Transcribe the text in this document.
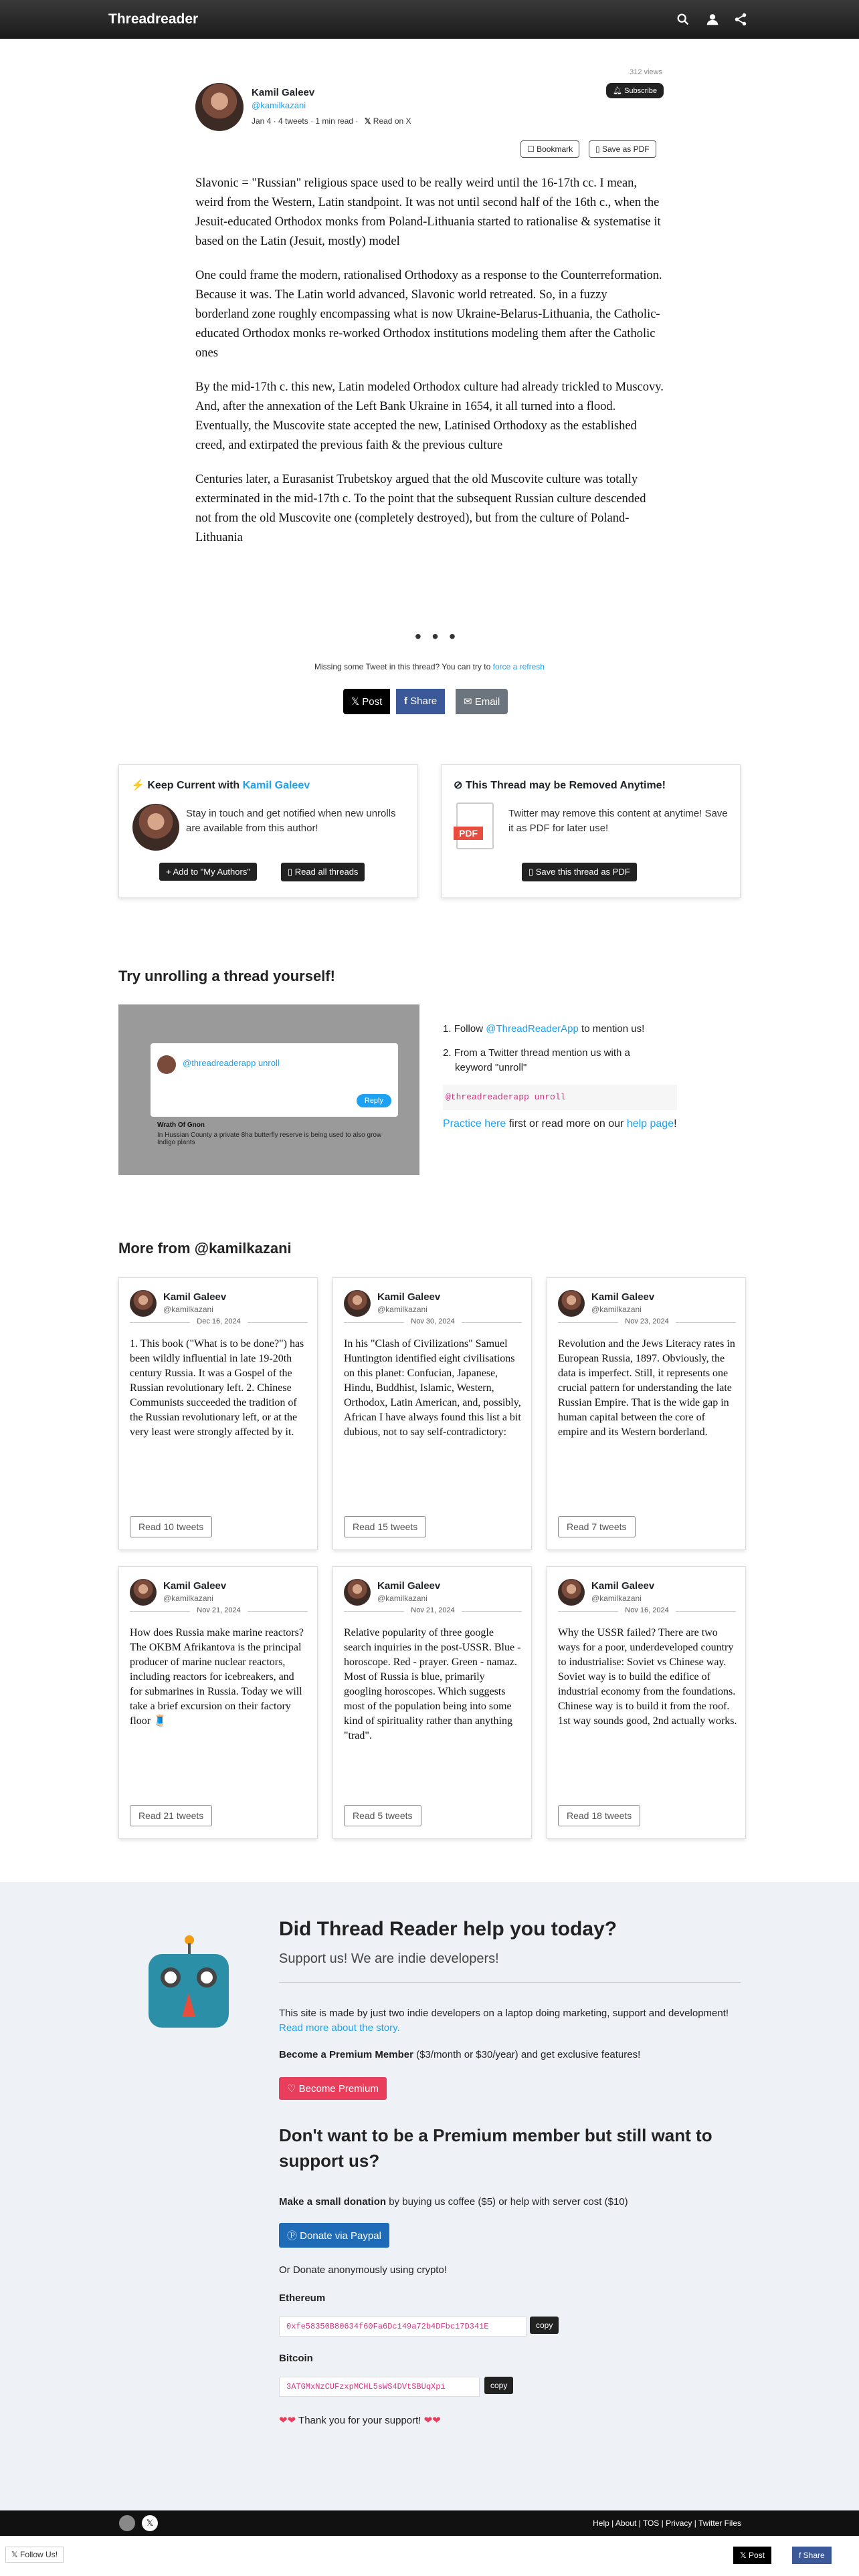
Threadreader
Kamil Galeev
@kamilkazani
Jan 4 · 4 tweets · 1 min read · 𝕏 Read on X
312 views
🔔︎ Subscribe
☐ Bookmark	▯ Save as PDF

Slavonic = "Russian" religious space used to be really weird until the 16-17th cc. I mean, weird from the Western, Latin standpoint. It was not until second half of the 16th c., when the Jesuit-educated Orthodox monks from Poland-Lithuania started to rationalise & systematise it based on the Latin (Jesuit, mostly) model

One could frame the modern, rationalised Orthodoxy as a response to the Counterreformation. Because it was. The Latin world advanced, Slavonic world retreated. So, in a fuzzy borderland zone roughly encompassing what is now Ukraine-Belarus-Lithuania, the Catholic-educated Orthodox monks re-worked Orthodox institutions modeling them after the Catholic ones

By the mid-17th c. this new, Latin modeled Orthodox culture had already trickled to Muscovy. And, after the annexation of the Left Bank Ukraine in 1654, it all turned into a flood. Eventually, the Muscovite state accepted the new, Latinised Orthodoxy as the established creed, and extirpated the previous faith & the previous culture

Centuries later, a Eurasanist Trubetskoy argued that the old Muscovite culture was totally exterminated in the mid-17th c. To the point that the subsequent Russian culture descended not from the old Muscovite one (completely destroyed), but from the culture of Poland-Lithuania

• • •
Missing some Tweet in this thread? You can try to force a refresh
𝕏 Post	f Share	✉ Email
⚡ Keep Current with Kamil Galeev
Stay in touch and get notified when new unrolls are available from this author!
+ Add to "My Authors"	▯ Read all threads
⊘ This Thread may be Removed Anytime!
PDF
Twitter may remove this content at anytime! Save it as PDF for later use!
▯ Save this thread as PDF
Try unrolling a thread yourself!
@threadreaderapp unroll
Reply
Wrath Of Gnon
In Hussian County a private 8ha butterfly reserve is being used to also grow Indigo plants
1. Follow @ThreadReaderApp to mention us!
2. From a Twitter thread mention us with a keyword "unroll"
@threadreaderapp unroll
Practice here first or read more on our help page!
More from @kamilkazani
Kamil Galeev
@kamilkazani
Dec 16, 2024
1. This book ("What is to be done?") has been wildly influential in late 19-20th century Russia. It was a Gospel of the Russian revolutionary left. 2. Chinese Communists succeeded the tradition of the Russian revolutionary left, or at the very least were strongly affected by it.
Read 10 tweets
Kamil Galeev
@kamilkazani
Nov 30, 2024
In his "Clash of Civilizations" Samuel Huntington identified eight civilisations on this planet: Confucian, Japanese, Hindu, Buddhist, Islamic, Western, Orthodox, Latin American, and, possibly, African I have always found this list a bit dubious, not to say self-contradictory:
Read 15 tweets
Kamil Galeev
@kamilkazani
Nov 23, 2024
Revolution and the Jews Literacy rates in European Russia, 1897. Obviously, the data is imperfect. Still, it represents one crucial pattern for understanding the late Russian Empire. That is the wide gap in human capital between the core of empire and its Western borderland.
Read 7 tweets
Kamil Galeev
@kamilkazani
Nov 21, 2024
How does Russia make marine reactors? The OKBM Afrikantova is the principal producer of marine nuclear reactors, including reactors for icebreakers, and for submarines in Russia. Today we will take a brief excursion on their factory floor 🧵
Read 21 tweets
Kamil Galeev
@kamilkazani
Nov 21, 2024
Relative popularity of three google search inquiries in the post-USSR. Blue - horoscope. Red - prayer. Green - namaz. Most of Russia is blue, primarily googling horoscopes. Which suggests most of the population being into some kind of spirituality rather than anything "trad".
Read 5 tweets
Kamil Galeev
@kamilkazani
Nov 16, 2024
Why the USSR failed? There are two ways for a poor, underdeveloped country to industrialise: Soviet vs Chinese way. Soviet way is to build the edifice of industrial economy from the foundations. Chinese way is to build it from the roof. 1st way sounds good, 2nd actually works.
Read 18 tweets
Did Thread Reader help you today?
Support us! We are indie developers!
This site is made by just two indie developers on a laptop doing marketing, support and development! Read more about the story.
Become a Premium Member ($3/month or $30/year) and get exclusive features!
♡ Become Premium
Don't want to be a Premium member but still want to support us?
Make a small donation by buying us coffee ($5) or help with server cost ($10)
Ⓟ Donate via Paypal
Or Donate anonymously using crypto!
Ethereum
0xfe58350B80634f60Fa6Dc149a72b4DFbc17D341E	copy
Bitcoin
3ATGMxNzCUFzxpMCHL5sWS4DVtSBUqXpi	copy
❤❤ Thank you for your support! ❤❤
𝕏	Help | About | TOS | Privacy | Twitter Files
𝕏 Follow Us!	𝕏 Post	f Share
